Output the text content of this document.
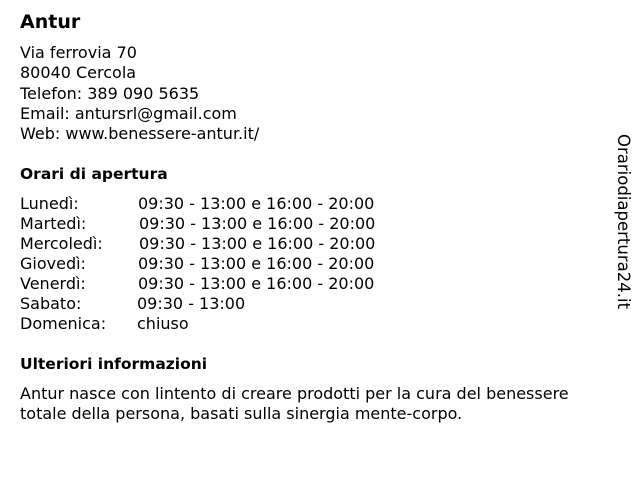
Antur
Via ferrovia 70
80040 Cercola
Telefon: 389 090 5635
Email: antursrl@gmail.com
Web: www.benessere-antur.it/
Orari di apertura
Lunedì:	09:30 - 13:00 e 16:00 - 20:00
Martedì:	09:30 - 13:00 e 16:00 - 20:00
Mercoledì: 09:30 - 13:00 e 16:00 - 20:00
Giovedì:	09:30 - 13:00 e 16:00 - 20:00
Venerdì:	09:30 - 13:00 e 16:00 - 20:00
Sabato:	09:30 - 13:00
Domenica: chiuso
Ulteriori informazioni
Antur nasce con lintento di creare prodotti per la cura del benessere
totale della persona, basati sulla sinergia mente-corpo.
Orariodiapertura24.it
